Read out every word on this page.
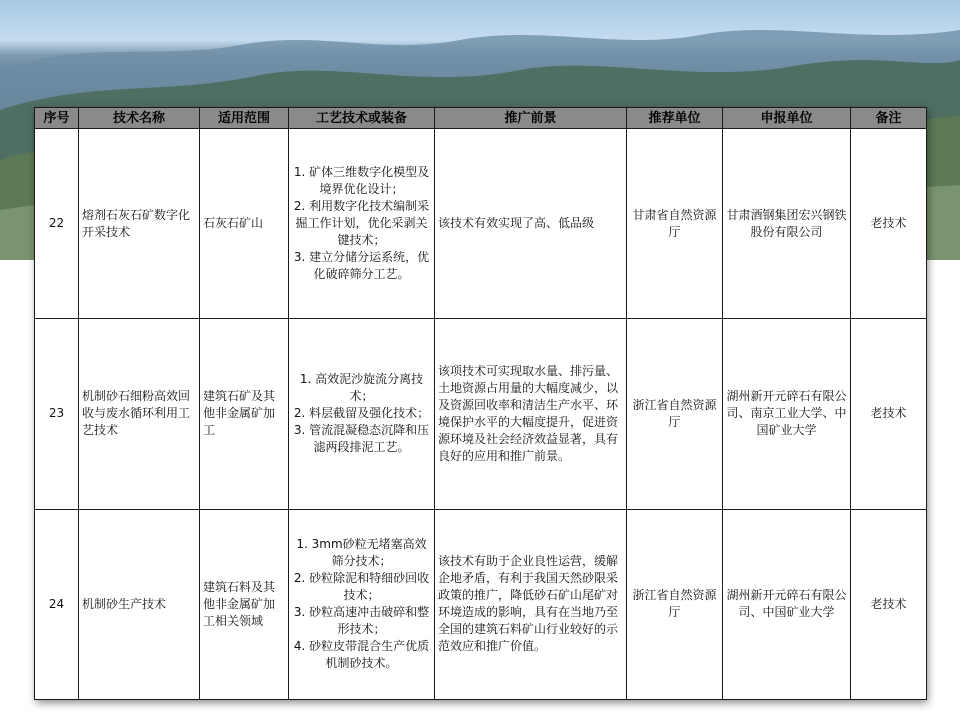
序号	技术名称	适用范围	工艺技术或装备	推广前景	推荐单位	申报单位	备注
22	熔剂石灰石矿数字化开采技术	石灰石矿山	1. 矿体三维数字化模型及境界优化设计；
2. 利用数字化技术编制采掘工作计划，优化采剥关键技术；
3. 建立分储分运系统，优化破碎筛分工艺。	该技术有效实现了高、低品级	甘肃省自然资源厅	甘肃酒钢集团宏兴钢铁股份有限公司	老技术
23	机制砂石细粉高效回收与废水循环利用工艺技术	建筑石矿及其他非金属矿加工	1. 高效泥沙旋流分离技术；
2. 料层截留及强化技术；
3. 管流混凝稳态沉降和压滤两段排泥工艺。	该项技术可实现取水量、排污量、土地资源占用量的大幅度减少，以及资源回收率和清洁生产水平、环境保护水平的大幅度提升，促进资源环境及社会经济效益显著，具有良好的应用和推广前景。	浙江省自然资源厅	湖州新开元碎石有限公司、南京工业大学、中国矿业大学	老技术
24	机制砂生产技术	建筑石料及其他非金属矿加工相关领域	1. 3mm砂粒无堵塞高效筛分技术；
2. 砂粒除泥和特细砂回收技术；
3. 砂粒高速冲击破碎和整形技术；
4. 砂粒皮带混合生产优质机制砂技术。	该技术有助于企业良性运营，缓解企地矛盾，有利于我国天然砂限采政策的推广，降低砂石矿山尾矿对环境造成的影响，具有在当地乃至全国的建筑石料矿山行业较好的示范效应和推广价值。	浙江省自然资源厅	湖州新开元碎石有限公司、中国矿业大学	老技术
